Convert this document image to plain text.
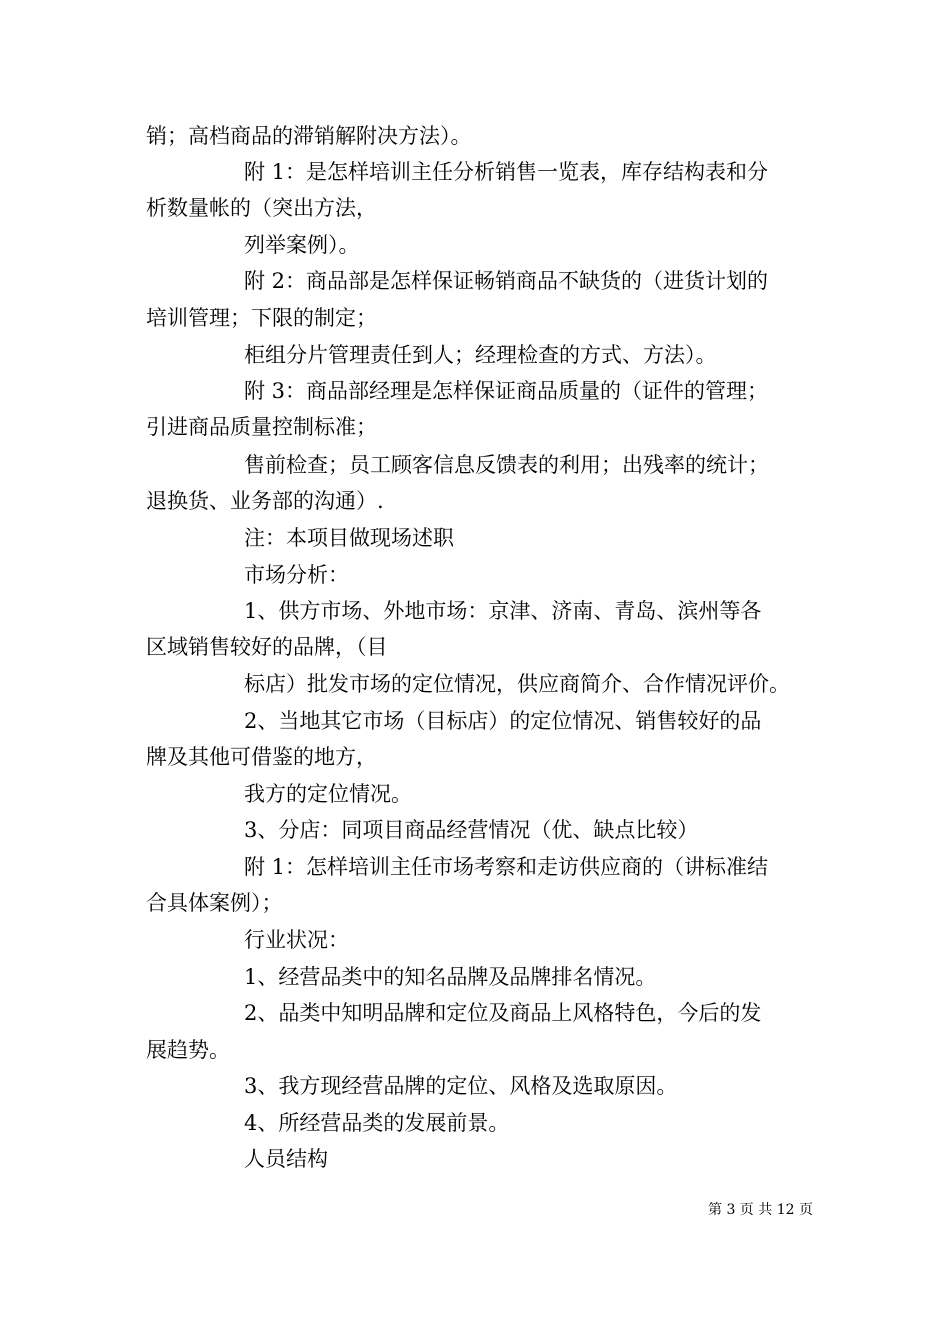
销；高档商品的滞销解附决方法）。
附 1：是怎样培训主任分析销售一览表，库存结构表和分
析数量帐的（突出方法，
列举案例）。
附 2：商品部是怎样保证畅销商品不缺货的（进货计划的
培训管理；下限的制定；
柜组分片管理责任到人；经理检查的方式、方法）。
附 3：商品部经理是怎样保证商品质量的（证件的管理；
引进商品质量控制标准；
售前检查；员工顾客信息反馈表的利用；出残率的统计；
退换货、业务部的沟通）.
注：本项目做现场述职
市场分析：
1、供方市场、外地市场：京津、济南、青岛、滨州等各
区域销售较好的品牌，（目
标店）批发市场的定位情况，供应商简介、合作情况评价。
2、当地其它市场（目标店）的定位情况、销售较好的品
牌及其他可借鉴的地方，
我方的定位情况。
3、分店：同项目商品经营情况（优、缺点比较）
附 1：怎样培训主任市场考察和走访供应商的（讲标准结
合具体案例）；
行业状况：
1、经营品类中的知名品牌及品牌排名情况。
2、品类中知明品牌和定位及商品上风格特色，今后的发
展趋势。
3、我方现经营品牌的定位、风格及选取原因。
4、所经营品类的发展前景。
人员结构
第 3 页 共 12 页
